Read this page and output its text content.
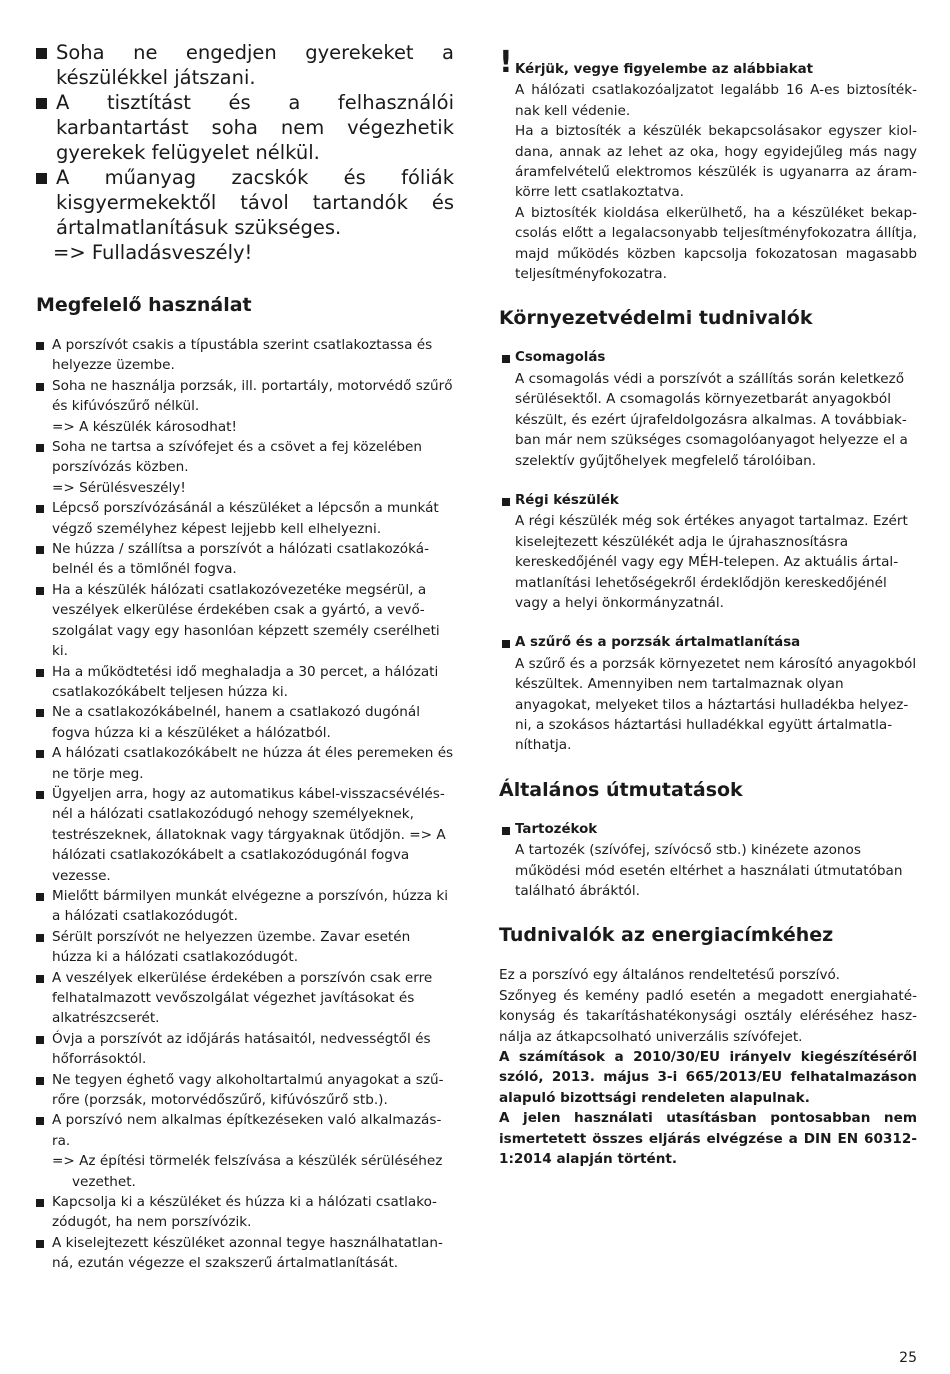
Soha ne engedjen gyerekeket a készülékkel játszani.
A tisztítást és a felhasználói karbantartást soha nem végezhetik gyerekek felügyelet nélkül.
A műanyag zacskók és fóliák kisgyermekektől távol tartandók és ártalmatlanításuk szükséges.
=> Fulladásveszély!
Megfelelő használat
A porszívót csakis a típustábla szerint csatlakoztassa és helyezze üzembe.
Soha ne használja porzsák, ill. portartály, motorvédő szűrő és kifúvószűrő nélkül.
=> A készülék károsodhat!
Soha ne tartsa a szívófejet és a csövet a fej közelében porszívózás közben.
=> Sérülésveszély!
Lépcső porszívózásánál a készüléket a lépcsőn a munkát végző személyhez képest lejjebb kell elhelyezni.
Ne húzza / szállítsa a porszívót a hálózati csatlakozókábelnél és a tömlőnél fogva.
Ha a készülék hálózati csatlakozóvezetéke megsérül, a veszélyek elkerülése érdekében csak a gyártó, a vevőszolgálat vagy egy hasonlóan képzett személy cserélheti ki.
Ha a működtetési idő meghaladja a 30 percet, a hálózati csatlakozókábelt teljesen húzza ki.
Ne a csatlakozókábelnél, hanem a csatlakozó dugónál fogva húzza ki a készüléket a hálózatból.
A hálózati csatlakozókábelt ne húzza át éles peremeken és ne törje meg.
Ügyeljen arra, hogy az automatikus kábel-visszacsévélésnél a hálózati csatlakozódugó nehogy személyeknek, testrészeknek, állatoknak vagy tárgyaknak ütődjön. => A hálózati csatlakozókábelt a csatlakozódugónál fogva vezesse.
Mielőtt bármilyen munkát elvégezne a porszívón, húzza ki a hálózati csatlakozódugót.
Sérült porszívót ne helyezzen üzembe. Zavar esetén húzza ki a hálózati csatlakozódugót.
A veszélyek elkerülése érdekében a porszívón csak erre felhatalmazott vevőszolgálat végezhet javításokat és alkatrészcserét.
Óvja a porszívót az időjárás hatásaitól, nedvességtől és hőforrásoktól.
Ne tegyen éghető vagy alkoholtartalmú anyagokat a szűrőre (porzsák, motorvédőszűrő, kifúvószűrő stb.).
A porszívó nem alkalmas építkezéseken való alkalmazásra.
=> Az építési törmelék felszívása a készülék sérüléséhez vezethet.
Kapcsolja ki a készüléket és húzza ki a hálózati csatlakozódugót, ha nem porszívózik.
A kiselejtezett készüléket azonnal tegye használhatatlanná, ezután végezze el szakszerű ártalmatlanítását.
! Kérjük, vegye figyelembe az alábbiakat

A hálózati csatlakozóaljzatot legalább 16 A-es biztosítéknak kell védenie.

Ha a biztosíték a készülék bekapcsolásakor egyszer kioldana, annak az lehet az oka, hogy egyidejűleg más nagy áramfelvételű elektromos készülék is ugyanarra az áramkörre lett csatlakoztatva.

A biztosíték kioldása elkerülhető, ha a készüléket bekapcsolás előtt a legalacsonyabb teljesítményfokozatra állítja, majd működés közben kapcsolja fokozatosan magasabb teljesítményfokozatra.

Környezetvédelmi tudnivalók
Csomagolás

A csomagolás védi a porszívót a szállítás során keletkező sérülésektől. A csomagolás környezetbarát anyagokból készült, és ezért újrafeldolgozásra alkalmas. A továbbiakban már nem szükséges csomagolóanyagot helyezze el a szelektív gyűjtőhelyek megfelelő tárolóiban.

Régi készülék

A régi készülék még sok értékes anyagot tartalmaz. Ezért kiselejtezett készülékét adja le újrahasznosításra kereskedőjénél vagy egy MÉH-telepen. Az aktuális ártalmatlanítási lehetőségekről érdeklődjön kereskedőjénél vagy a helyi önkormányzatnál.

A szűrő és a porzsák ártalmatlanítása

A szűrő és a porzsák környezetet nem károsító anyagokból készültek. Amennyiben nem tartalmaznak olyan anyagokat, melyeket tilos a háztartási hulladékba helyezni, a szokásos háztartási hulladékkal együtt ártalmatlaníthatja.

Általános útmutatások
Tartozékok

A tartozék (szívófej, szívócső stb.) kinézete azonos működési mód esetén eltérhet a használati útmutatóban található ábráktól.

Tudnivalók az energiacímkéhez

Ez a porszívó egy általános rendeltetésű porszívó.

Szőnyeg és kemény padló esetén a megadott energiahatékonyság és takarításhatékonysági osztály eléréséhez használja az átkapcsolható univerzális szívófejet.

A számítások a 2010/30/EU irányelv kiegészítéséről szóló, 2013. május 3-i 665/2013/EU felhatalmazáson alapuló bizottsági rendeleten alapulnak.

A jelen használati utasításban pontosabban nem ismertetett összes eljárás elvégzése a DIN EN 60312-1:2014 alapján történt.

25
